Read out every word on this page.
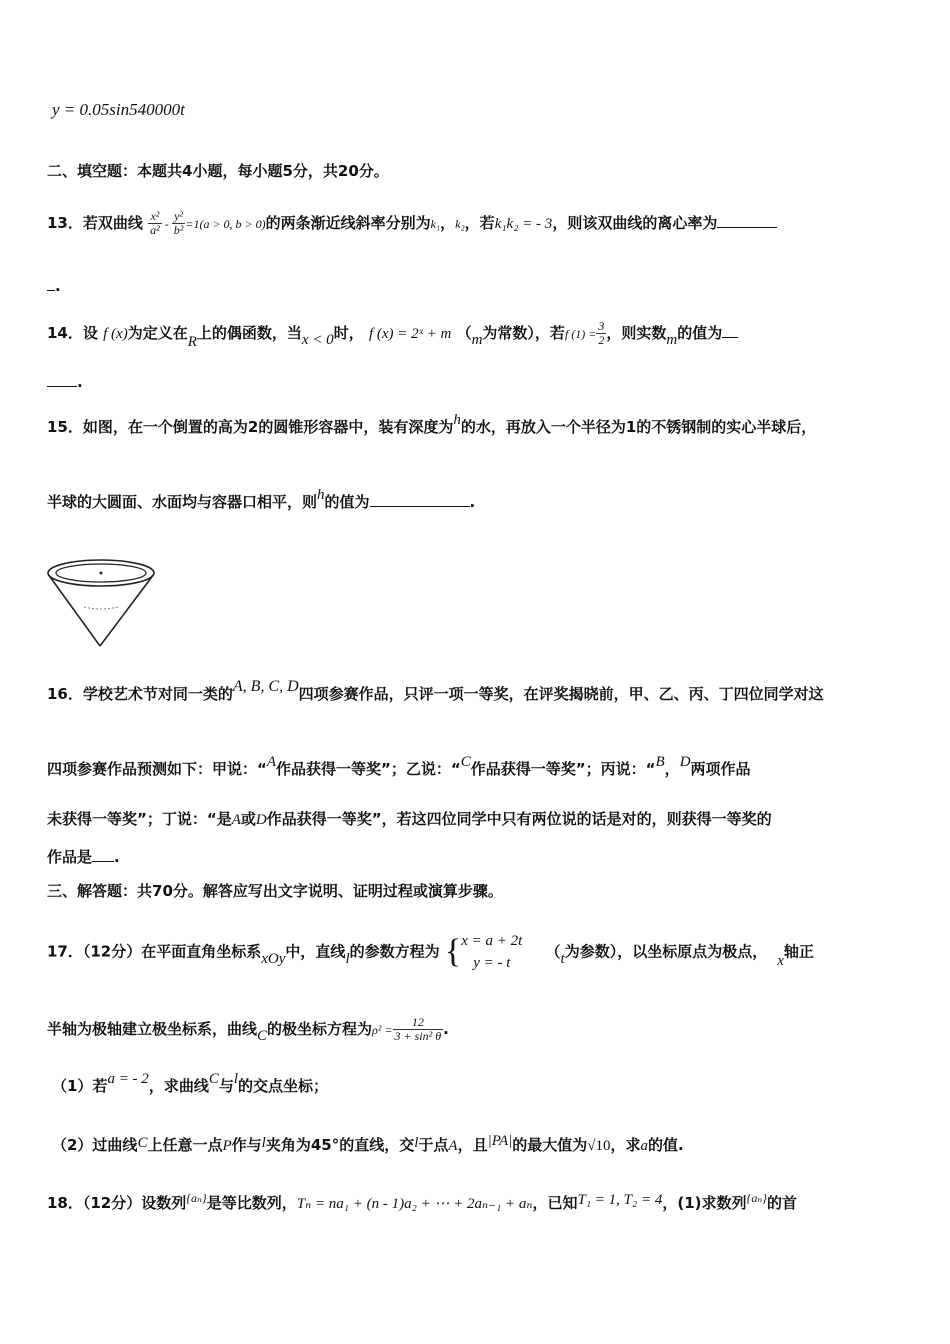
y = 0.05sin540000t
二、填空题：本题共4小题，每小题5分，共20分。
13．若双曲线 $\frac{\text{x²}}{\text{a²}} - \frac{\text{y²}}{\text{b²}} =1(a > 0$, b > 0)的两条渐近线斜率分别为k₁，k₂，若k₁k₂ = - 3，则该双曲线的离心率为
.
14．设 f (x)为定义在R上的偶函数，当x < 0时， f (x) = 2ˣ + m （m为常数），若f $(1) = \frac{3}{2}$ ，则实数m的值为
.
15．如图，在一个倒置的高为2的圆锥形容器中，装有深度为h的水，再放入一个半径为1的不锈钢制的实心半球后，
半球的大圆面、水面均与容器口相平，则h的值为	.
16．学校艺术节对同一类的A, B, C, D四项参赛作品，只评一项一等奖，在评奖揭晓前，甲、乙、丙、丁四位同学对这
四项参赛作品预测如下：甲说：“A作品获得一等奖”；乙说：“C作品获得一等奖”；丙说：“B，D两项作品
未获得一等奖”；丁说：“是A或D作品获得一等奖”，若这四位同学中只有两位说的话是对的，则获得一等奖的
作品是 .
三、解答题：共70分。解答应写出文字说明、证明过程或演算步骤。
17．（12分）在平面直角坐标系xOy中，直线l的参数方程为 { x = a + 2t
y = - t
（t为参数），以坐标原点为极点， x轴正
半轴为极轴建立极坐标系，曲线C的极坐标方程为$\rho^2 = \frac{12}{\text{3 + sin² θ}}$ .
（1）若a = - 2，求曲线C与l的交点坐标；
（2）过曲线C上任意一点P作与l夹角为45°的直线，交l于点A，且|PA|的最大值为√10，求a的值.
18．（12分）设数列$^{\{a_n\}}$是等比数列，Tₙ = na₁ + (n - 1)a₂ + ⋯ + 2aₙ₋₁ + aₙ，已知T₁ = 1, T₂ = 4，(1)求数列$^{\{a_n\}}$的首
